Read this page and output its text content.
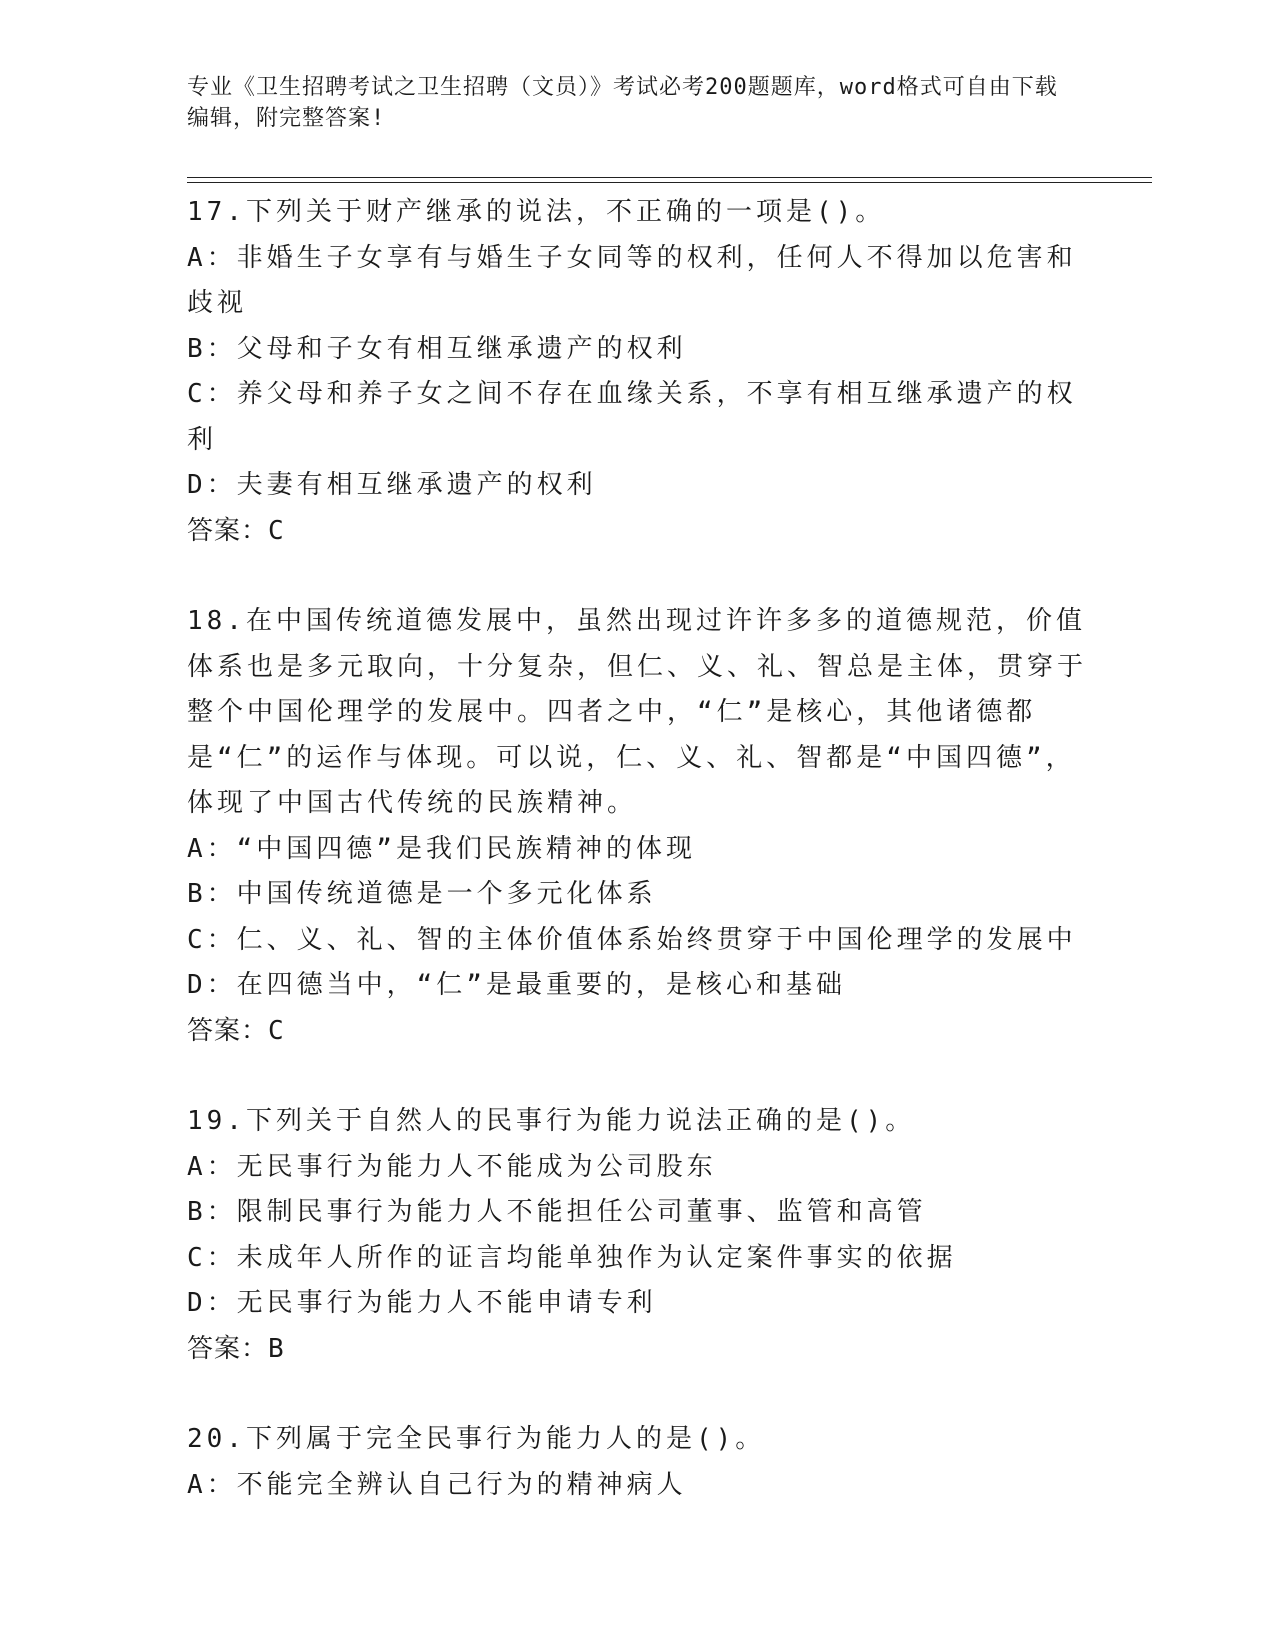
专业《卫生招聘考试之卫生招聘（文员）》考试必考200题题库，word格式可自由下载编辑，附完整答案!
17.下列关于财产继承的说法，不正确的一项是()。
A：非婚生子女享有与婚生子女同等的权利，任何人不得加以危害和歧视
B：父母和子女有相互继承遗产的权利
C：养父母和养子女之间不存在血缘关系，不享有相互继承遗产的权利
D：夫妻有相互继承遗产的权利
答案：C
18.在中国传统道德发展中，虽然出现过许许多多的道德规范，价值体系也是多元取向，十分复杂，但仁、义、礼、智总是主体，贯穿于整个中国伦理学的发展中。四者之中，“仁”是核心，其他诸德都是“仁”的运作与体现。可以说，仁、义、礼、智都是“中国四德”，体现了中国古代传统的民族精神。
A：“中国四德”是我们民族精神的体现
B：中国传统道德是一个多元化体系
C：仁、义、礼、智的主体价值体系始终贯穿于中国伦理学的发展中
D：在四德当中，“仁”是最重要的，是核心和基础
答案：C
19.下列关于自然人的民事行为能力说法正确的是()。
A：无民事行为能力人不能成为公司股东
B：限制民事行为能力人不能担任公司董事、监管和高管
C：未成年人所作的证言均能单独作为认定案件事实的依据
D：无民事行为能力人不能申请专利
答案：B
20.下列属于完全民事行为能力人的是()。
A：不能完全辨认自己行为的精神病人
